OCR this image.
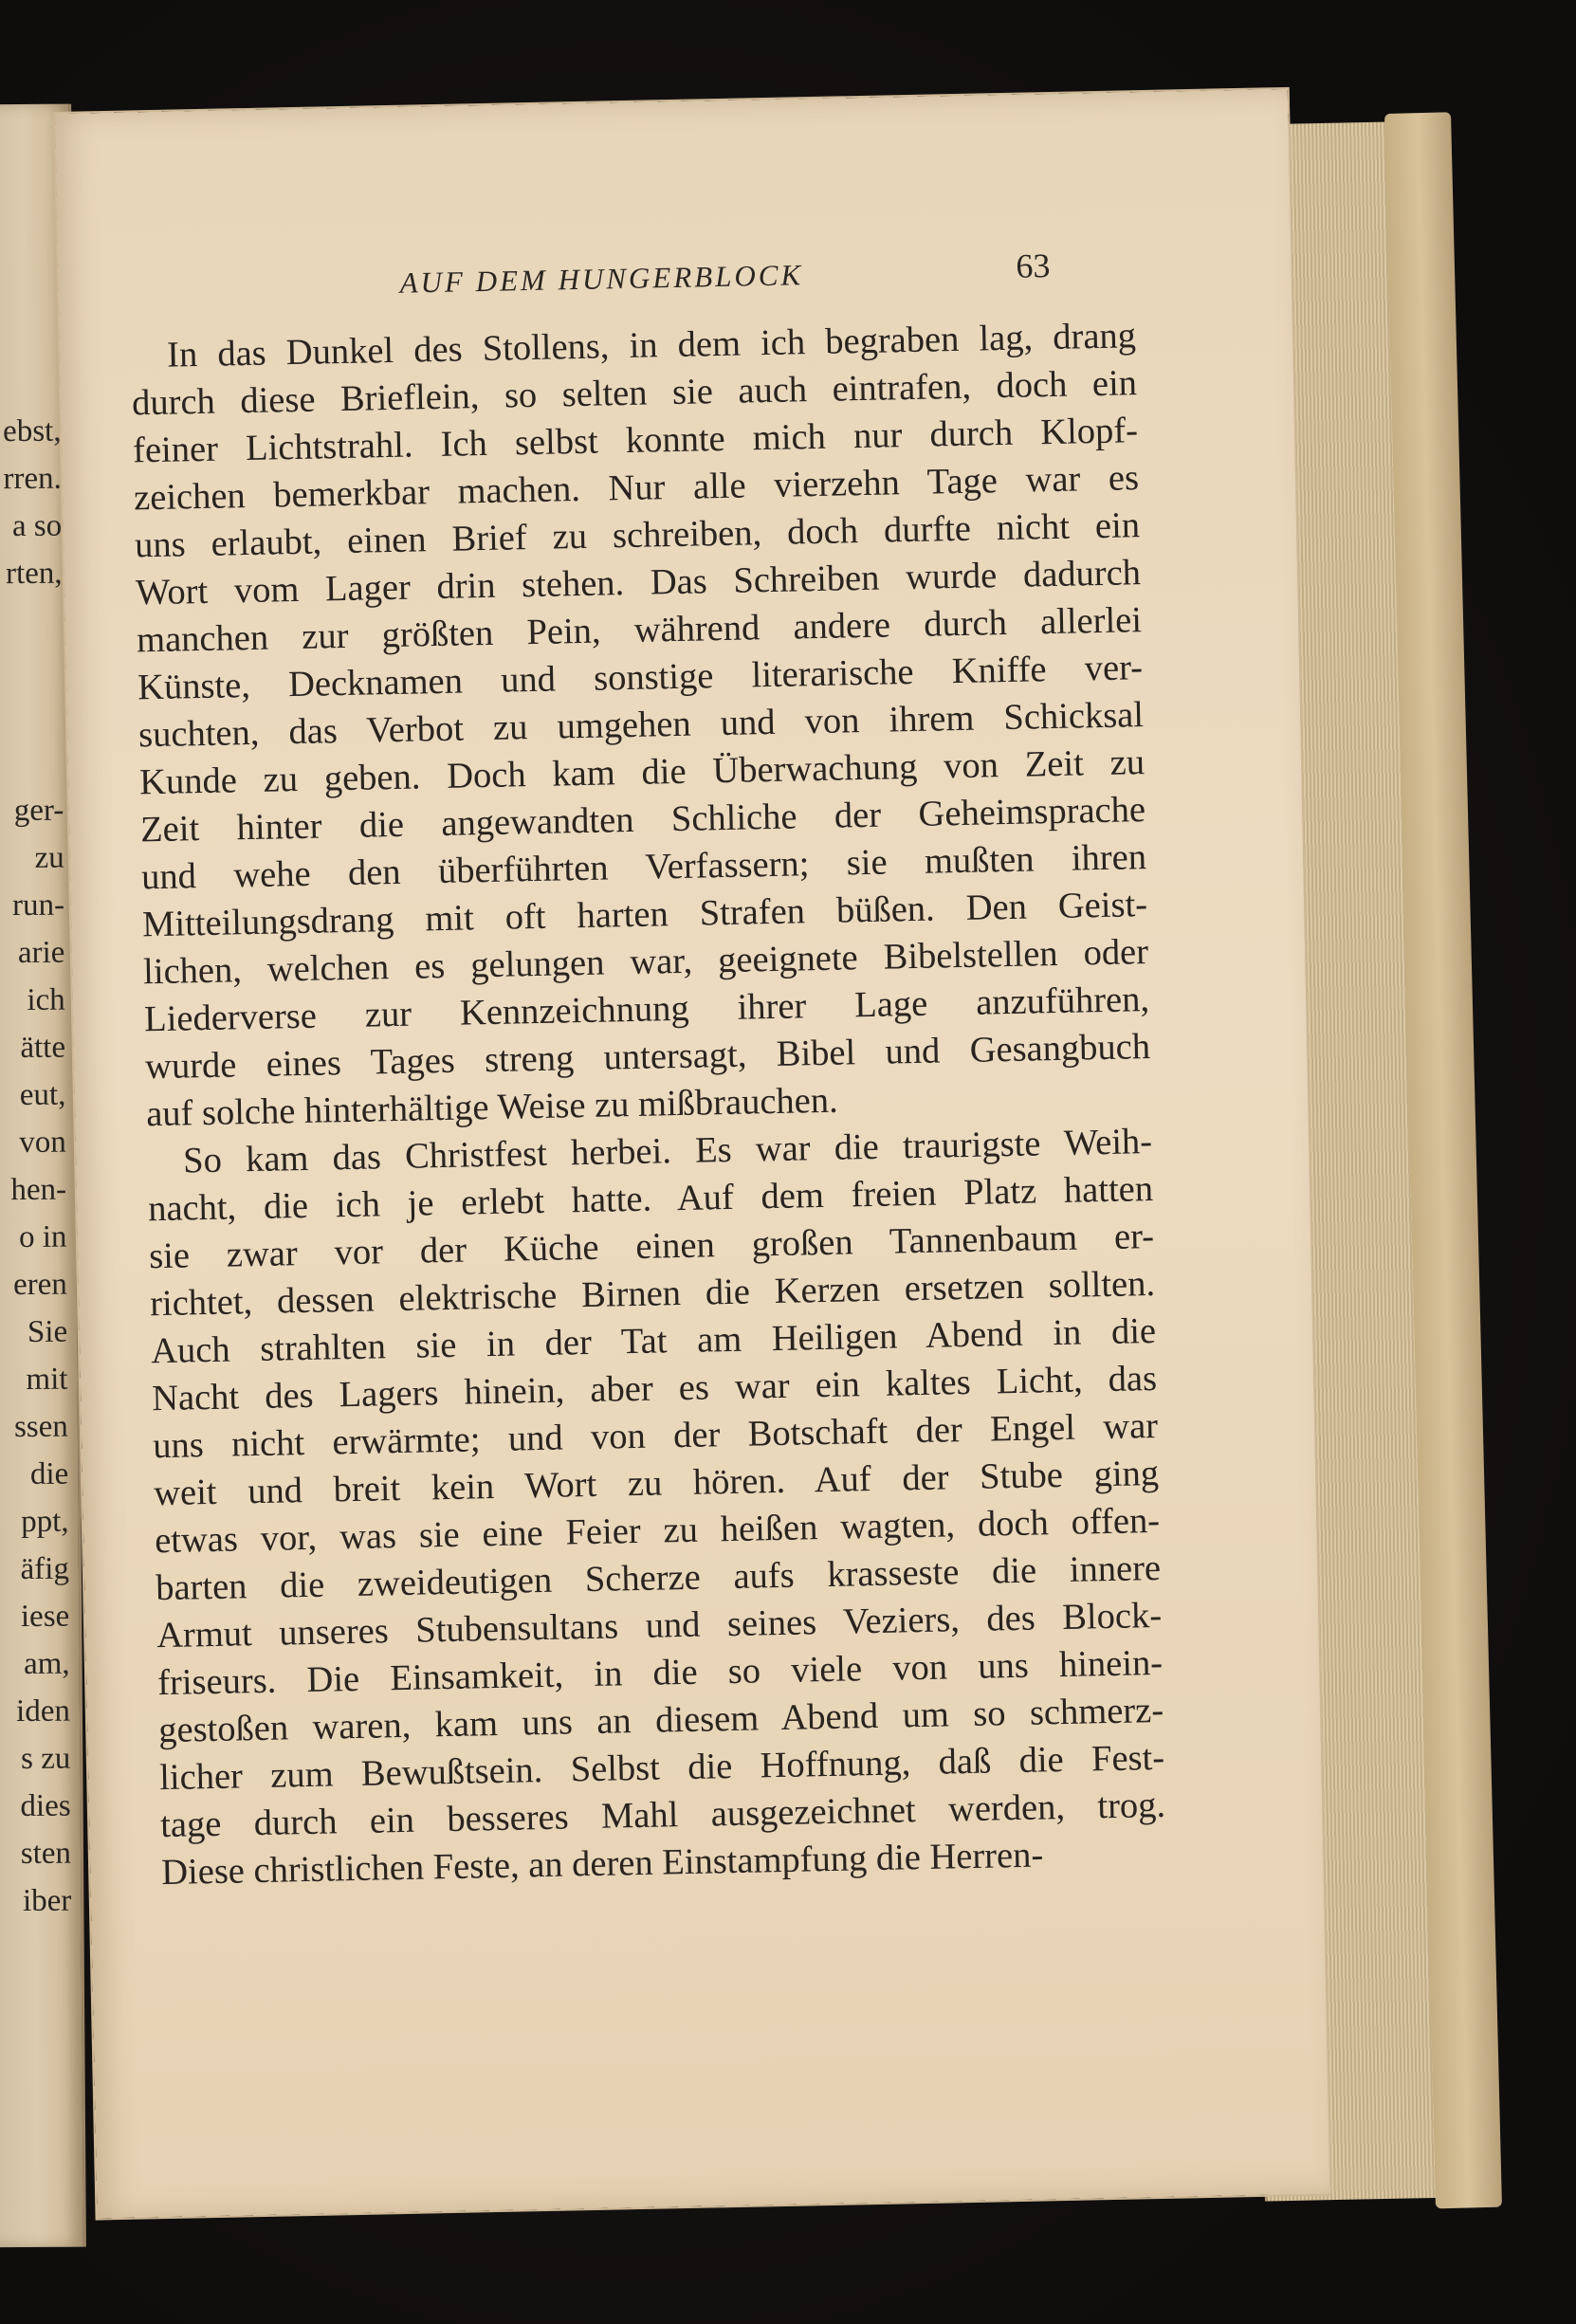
ebst,
rren.
a so
rten,
ger-
zu
run-
arie
ich
ätte
eut,
von
hen-
o in
eren
Sie
mit
ssen
die
ppt,
äfig
iese
am,
iden
s zu
dies
sten
iber
AUF DEM HUNGERBLOCK	63
In das Dunkel des Stollens, in dem ich begraben lag, drang
durch diese Brieflein, so selten sie auch eintrafen, doch ein
feiner Lichtstrahl. Ich selbst konnte mich nur durch Klopf-
zeichen bemerkbar machen. Nur alle vierzehn Tage war es
uns erlaubt, einen Brief zu schreiben, doch durfte nicht ein
Wort vom Lager drin stehen. Das Schreiben wurde dadurch
manchen zur größten Pein, während andere durch allerlei
Künste, Decknamen und sonstige literarische Kniffe ver-
suchten, das Verbot zu umgehen und von ihrem Schicksal
Kunde zu geben. Doch kam die Überwachung von Zeit zu
Zeit hinter die angewandten Schliche der Geheimsprache
und wehe den überführten Verfassern; sie mußten ihren
Mitteilungsdrang mit oft harten Strafen büßen. Den Geist-
lichen, welchen es gelungen war, geeignete Bibelstellen oder
Liederverse zur Kennzeichnung ihrer Lage anzuführen,
wurde eines Tages streng untersagt, Bibel und Gesangbuch
auf solche hinterhältige Weise zu mißbrauchen.
So kam das Christfest herbei. Es war die traurigste Weih-
nacht, die ich je erlebt hatte. Auf dem freien Platz hatten
sie zwar vor der Küche einen großen Tannenbaum er-
richtet, dessen elektrische Birnen die Kerzen ersetzen sollten.
Auch strahlten sie in der Tat am Heiligen Abend in die
Nacht des Lagers hinein, aber es war ein kaltes Licht, das
uns nicht erwärmte; und von der Botschaft der Engel war
weit und breit kein Wort zu hören. Auf der Stube ging
etwas vor, was sie eine Feier zu heißen wagten, doch offen-
barten die zweideutigen Scherze aufs krasseste die innere
Armut unseres Stubensultans und seines Veziers, des Block-
friseurs. Die Einsamkeit, in die so viele von uns hinein-
gestoßen waren, kam uns an diesem Abend um so schmerz-
licher zum Bewußtsein. Selbst die Hoffnung, daß die Fest-
tage durch ein besseres Mahl ausgezeichnet werden, trog.
Diese christlichen Feste, an deren Einstampfung die Herren-
